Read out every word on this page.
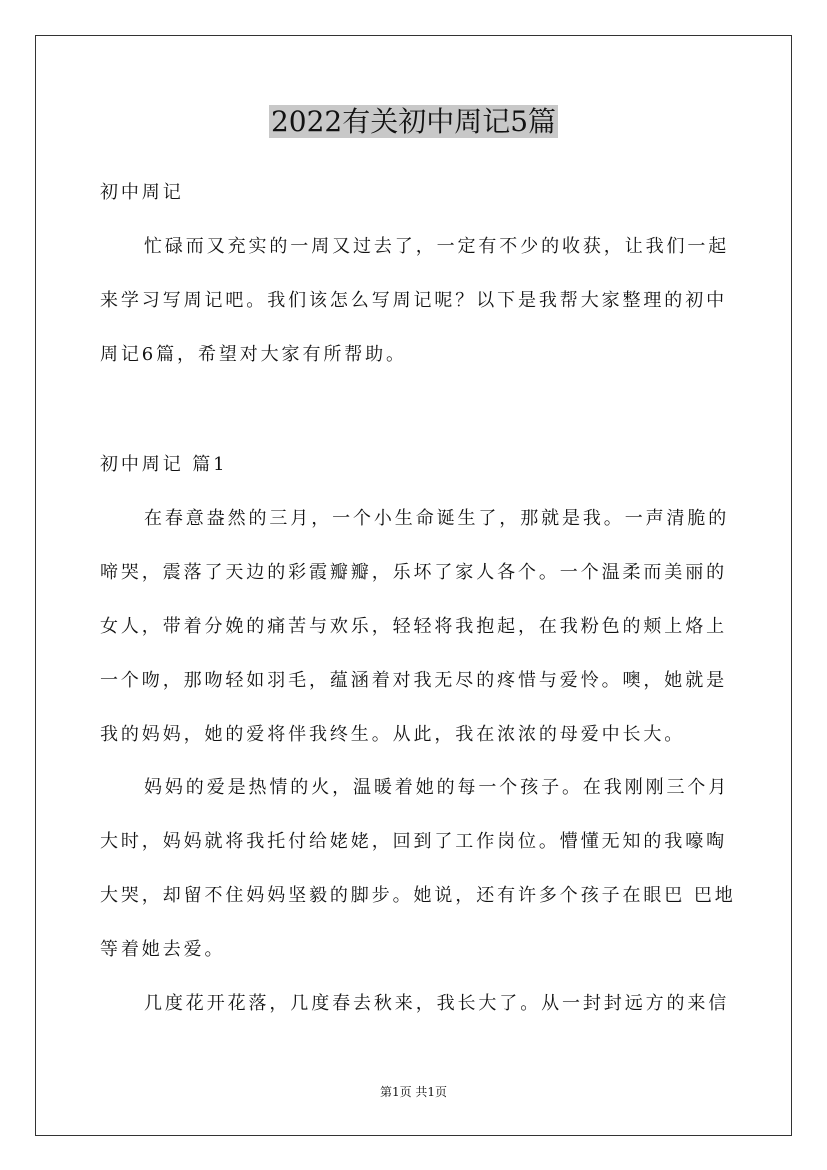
2022有关初中周记5篇
初中周记
忙碌而又充实的一周又过去了，一定有不少的收获，让我们一起
来学习写周记吧。我们该怎么写周记呢？以下是我帮大家整理的初中
周记6篇，希望对大家有所帮助。
初中周记 篇1
在春意盎然的三月，一个小生命诞生了，那就是我。一声清脆的
啼哭，震落了天边的彩霞瓣瓣，乐坏了家人各个。一个温柔而美丽的
女人，带着分娩的痛苦与欢乐，轻轻将我抱起，在我粉色的颊上烙上
一个吻，那吻轻如羽毛，蕴涵着对我无尽的疼惜与爱怜。噢，她就是
我的妈妈，她的爱将伴我终生。从此，我在浓浓的母爱中长大。
妈妈的爱是热情的火，温暖着她的每一个孩子。在我刚刚三个月
大时，妈妈就将我托付给姥姥，回到了工作岗位。懵懂无知的我嚎啕
大哭，却留不住妈妈坚毅的脚步。她说，还有许多个孩子在眼巴 巴地
等着她去爱。
几度花开花落，几度春去秋来，我长大了。从一封封远方的来信
第1页 共1页
